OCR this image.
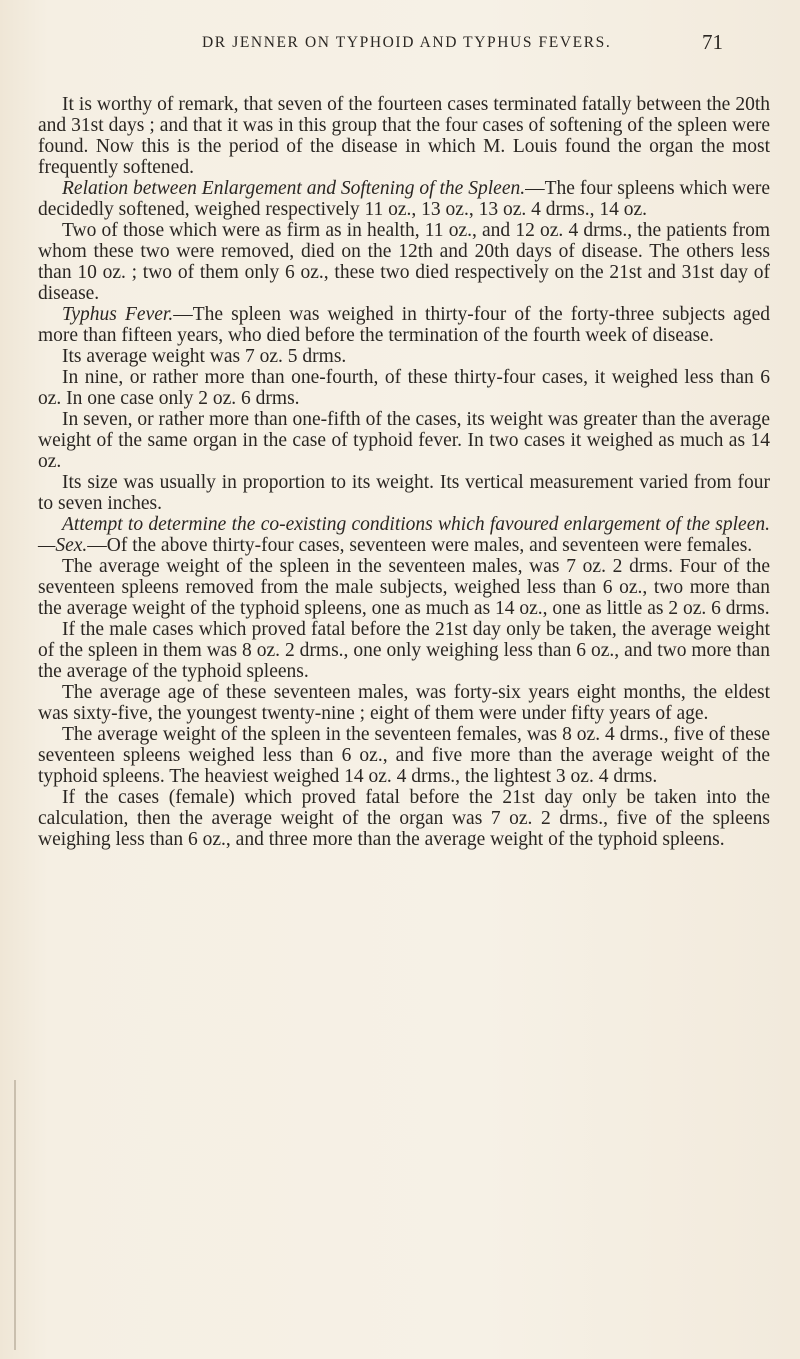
DR JENNER ON TYPHOID AND TYPHUS FEVERS.	71

It is worthy of remark, that seven of the fourteen cases terminated fatally between the 20th and 31st days ; and that it was in this group that the four cases of softening of the spleen were found. Now this is the period of the disease in which M. Louis found the organ the most frequently softened.

Relation between Enlargement and Softening of the Spleen.—The four spleens which were decidedly softened, weighed respectively 11 oz., 13 oz., 13 oz. 4 drms., 14 oz.

Two of those which were as firm as in health, 11 oz., and 12 oz. 4 drms., the patients from whom these two were removed, died on the 12th and 20th days of disease. The others less than 10 oz. ; two of them only 6 oz., these two died respectively on the 21st and 31st day of disease.

Typhus Fever.—The spleen was weighed in thirty-four of the forty-three subjects aged more than fifteen years, who died before the termination of the fourth week of disease.

Its average weight was 7 oz. 5 drms.

In nine, or rather more than one-fourth, of these thirty-four cases, it weighed less than 6 oz. In one case only 2 oz. 6 drms.

In seven, or rather more than one-fifth of the cases, its weight was greater than the average weight of the same organ in the case of typhoid fever. In two cases it weighed as much as 14 oz.

Its size was usually in proportion to its weight. Its vertical measurement varied from four to seven inches.

Attempt to determine the co-existing conditions which favoured enlargement of the spleen.—Sex.—Of the above thirty-four cases, seventeen were males, and seventeen were females.

The average weight of the spleen in the seventeen males, was 7 oz. 2 drms. Four of the seventeen spleens removed from the male subjects, weighed less than 6 oz., two more than the average weight of the typhoid spleens, one as much as 14 oz., one as little as 2 oz. 6 drms.

If the male cases which proved fatal before the 21st day only be taken, the average weight of the spleen in them was 8 oz. 2 drms., one only weighing less than 6 oz., and two more than the average of the typhoid spleens.

The average age of these seventeen males, was forty-six years eight months, the eldest was sixty-five, the youngest twenty-nine ; eight of them were under fifty years of age.

The average weight of the spleen in the seventeen females, was 8 oz. 4 drms., five of these seventeen spleens weighed less than 6 oz., and five more than the average weight of the typhoid spleens. The heaviest weighed 14 oz. 4 drms., the lightest 3 oz. 4 drms.

If the cases (female) which proved fatal before the 21st day only be taken into the calculation, then the average weight of the organ was 7 oz. 2 drms., five of the spleens weighing less than 6 oz., and three more than the average weight of the typhoid spleens.
